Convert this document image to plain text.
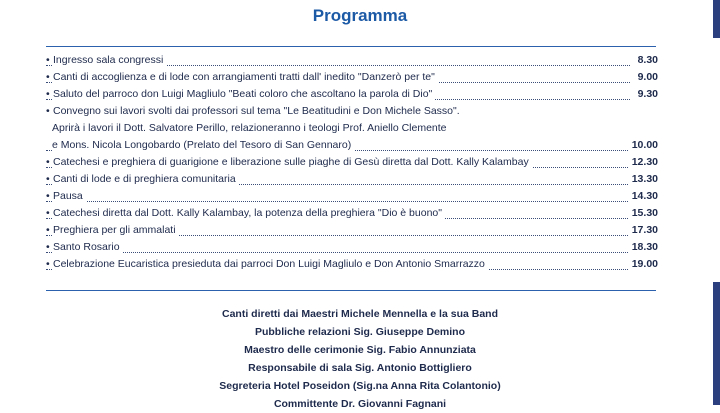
Programma
• Ingresso sala congressi	8.30
• Canti di accoglienza e di lode con arrangiamenti tratti dall' inedito "Danzerò per te"	9.00
• Saluto del parroco don Luigi Magliulo "Beati coloro che ascoltano la parola di Dio"	9.30
• Convegno sui lavori svolti dai professori sul tema "Le Beatitudini e Don Michele Sasso".
Aprirà i lavori il Dott. Salvatore Perillo, relazioneranno i teologi Prof. Aniello Clemente
e Mons. Nicola Longobardo (Prelato del Tesoro di San Gennaro)	10.00
• Catechesi e preghiera di guarigione e liberazione sulle piaghe di Gesù diretta dal Dott. Kally Kalambay	12.30
• Canti di lode e di preghiera comunitaria	13.30
• Pausa	14.30
• Catechesi diretta dal Dott. Kally Kalambay, la potenza della preghiera "Dio è buono"	15.30
• Preghiera per gli ammalati	17.30
• Santo Rosario	18.30
• Celebrazione Eucaristica presieduta dai parroci Don Luigi Magliulo e Don Antonio Smarrazzo	19.00
Canti diretti dai Maestri Michele Mennella e la sua Band
Pubbliche relazioni Sig. Giuseppe Demino
Maestro delle cerimonie Sig. Fabio Annunziata
Responsabile di sala Sig. Antonio Bottigliero
Segreteria Hotel Poseidon (Sig.na Anna Rita Colantonio)
Committente Dr. Giovanni Fagnani
